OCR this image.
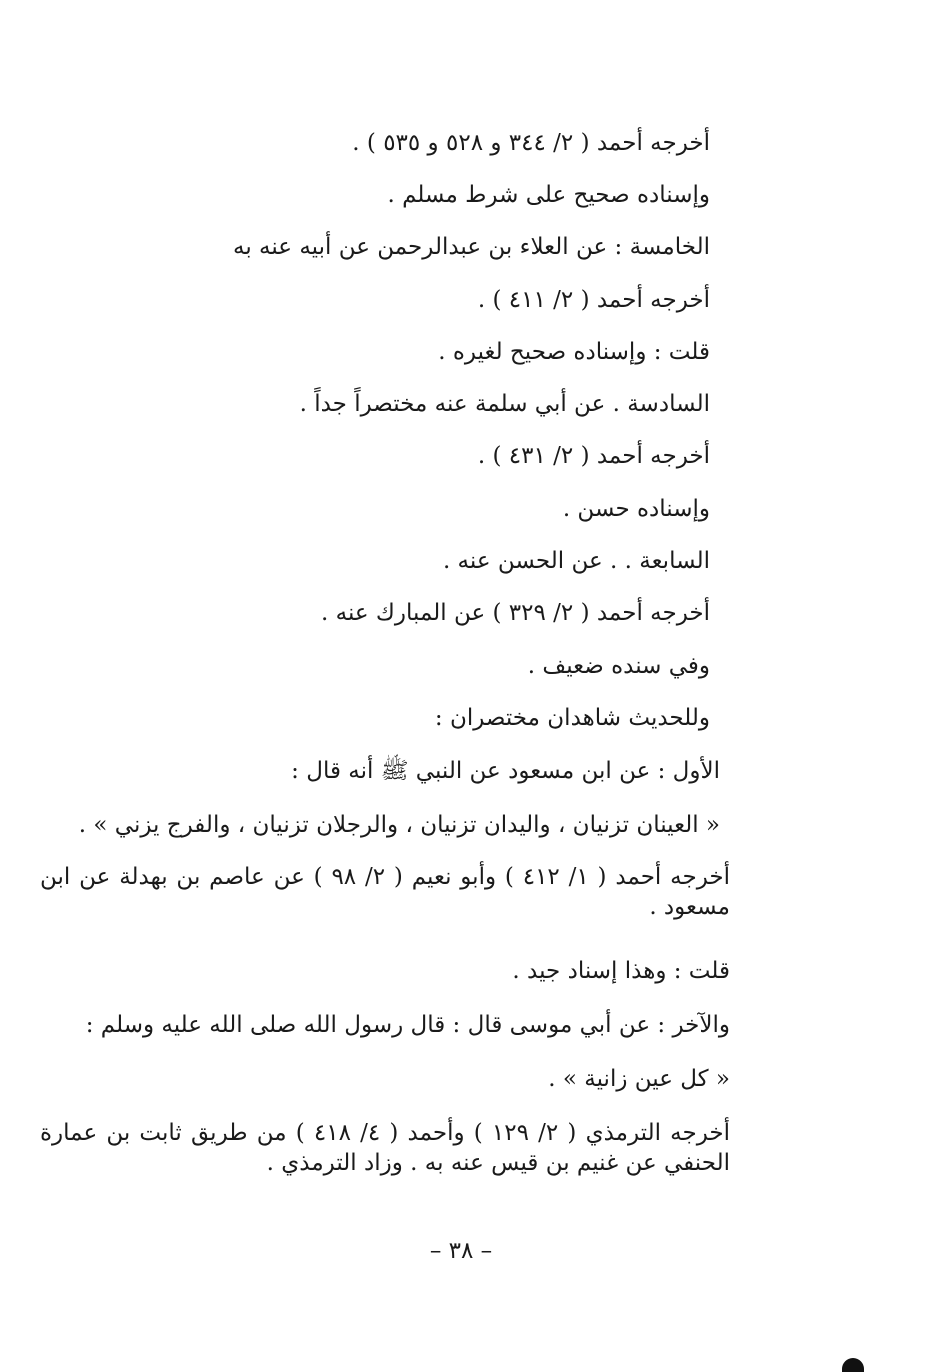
أخرجه أحمد ( ٢/ ٣٤٤ و ٥٢٨ و ٥٣٥ ) .
وإسناده صحيح على شرط مسلم .
الخامسة : عن العلاء بن عبدالرحمن عن أبيه عنه به
أخرجه أحمد ( ٢/ ٤١١ ) .
قلت : وإسناده صحيح لغيره .
السادسة . عن أبي سلمة عنه مختصراً جداً .
أخرجه أحمد ( ٢/ ٤٣١ ) .
وإسناده حسن .
السابعة . . عن الحسن عنه .
أخرجه أحمد ( ٢/ ٣٢٩ ) عن المبارك عنه .
وفي سنده ضعيف .
وللحديث شاهدان مختصران :
الأول : عن ابن مسعود عن النبي ﷺ أنه قال :
« العينان تزنيان ، واليدان تزنيان ، والرجلان تزنيان ، والفرج يزني » .
أخرجه أحمد ( ١/ ٤١٢ ) وأبو نعيم ( ٢/ ٩٨ ) عن عاصم بن بهدلة عن ابن مسعود .
قلت : وهذا إسناد جيد .
والآخر : عن أبي موسى قال : قال رسول الله صلى الله عليه وسلم :
« كل عين زانية » .
أخرجه الترمذي ( ٢/ ١٢٩ ) وأحمد ( ٤/ ٤١٨ ) من طريق ثابت بن عمارة الحنفي عن غنيم بن قيس عنه به . وزاد الترمذي .
– ٣٨ –
